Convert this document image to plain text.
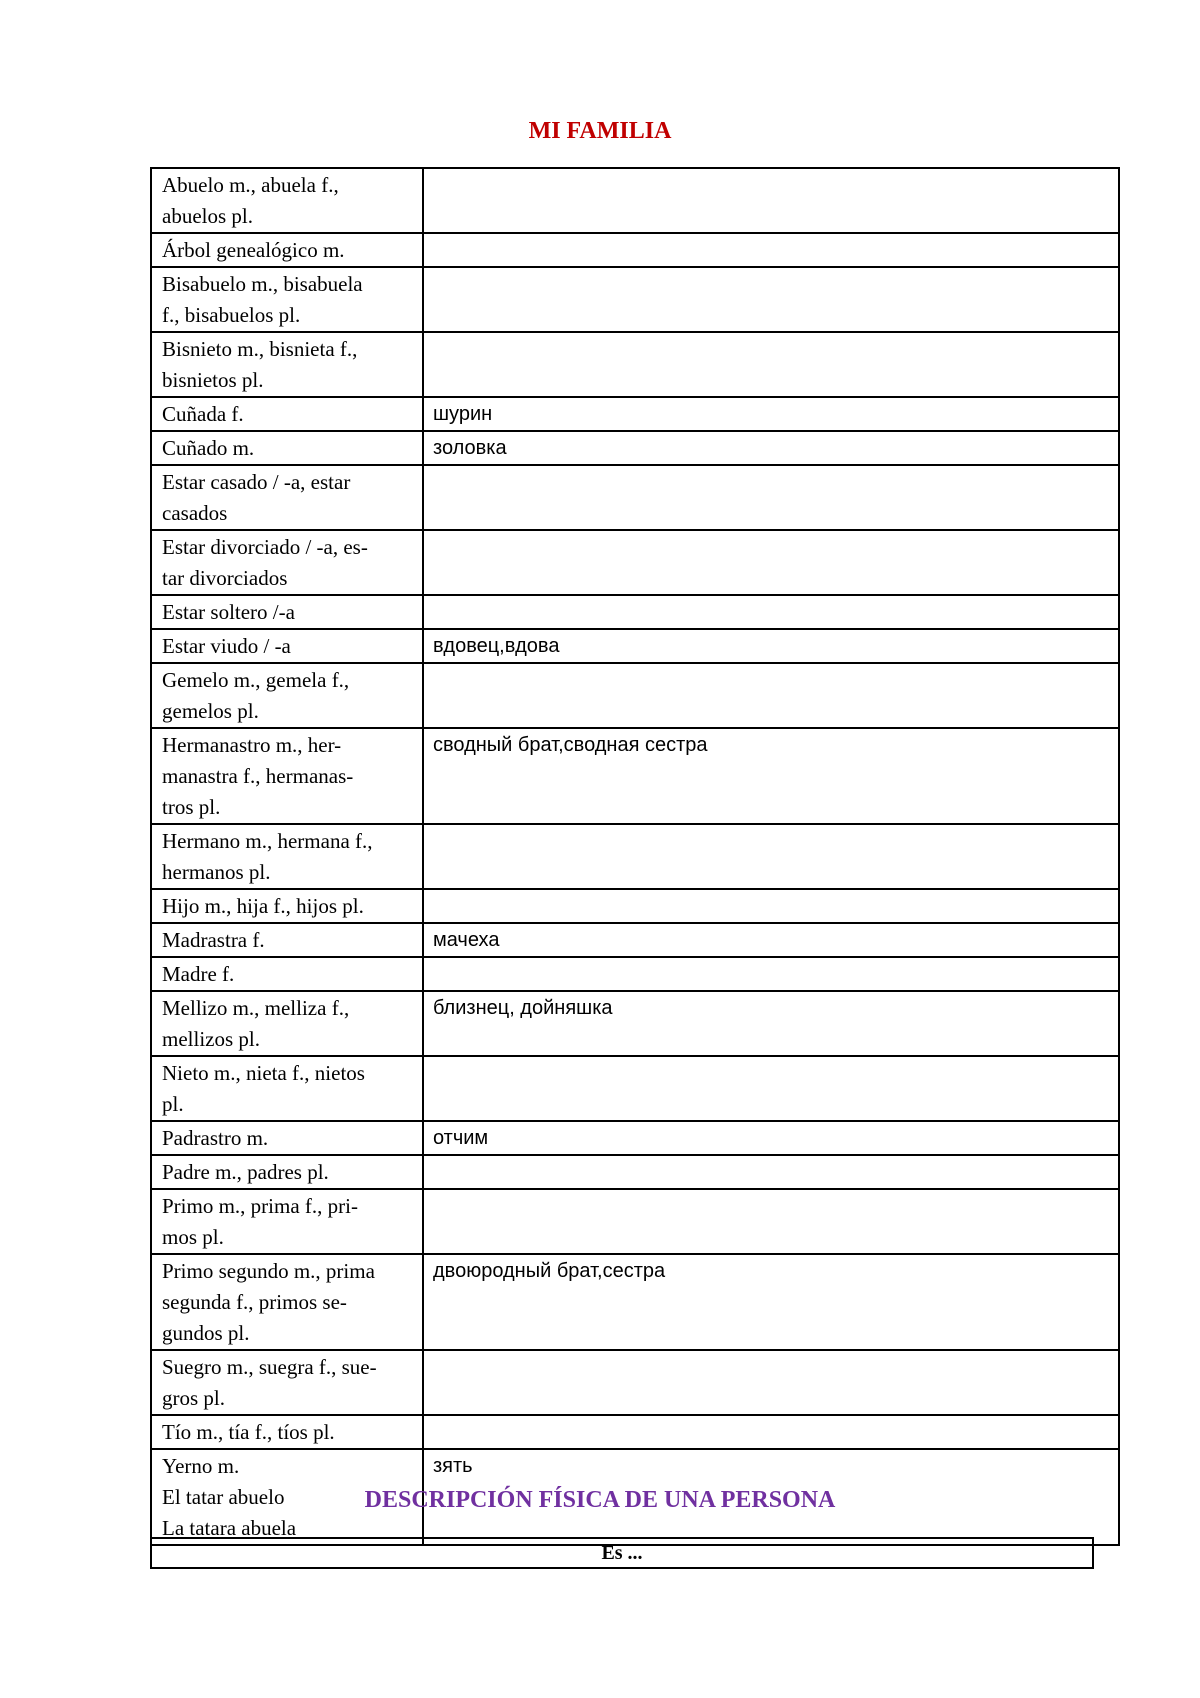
MI FAMILIA
Abuelo m., abuela f.,
abuelos pl.	

Árbol genealógico m.	

Bisabuelo m., bisabuela
f., bisabuelos pl.	

Bisnieto m., bisnieta f.,
bisnietos pl.	

Cuñada f.	шурин

Cuñado m.	золовка

Estar casado / -a, estar
casados	

Estar divorciado / -a, es-
tar divorciados	

Estar soltero /-a	

Estar viudo / -a	вдовец,вдова

Gemelo m., gemela f.,
gemelos pl.	

Hermanastro m., her-
manastra f., hermanas-
tros pl.	сводный брат,сводная сестра

Hermano m., hermana f.,
hermanos pl.	

Hijo m., hija f., hijos pl.	

Madrastra f.	мачеха

Madre f.	

Mellizo m., melliza f.,
mellizos pl.	близнец, дойняшка

Nieto m., nieta f., nietos
pl.	

Padrastro m.	отчим

Padre m., padres pl.	

Primo m., prima f., pri-
mos pl.	

Primo segundo m., prima
segunda f., primos se-
gundos pl.	двоюродный брат,сестра

Suegro m., suegra f., sue-
gros pl.	

Tío m., tía f., tíos pl.	

Yerno m.
El tatar abuelo
La tatara abuela	зять
DESCRIPCIÓN FÍSICA DE UNA PERSONA
Es ...
